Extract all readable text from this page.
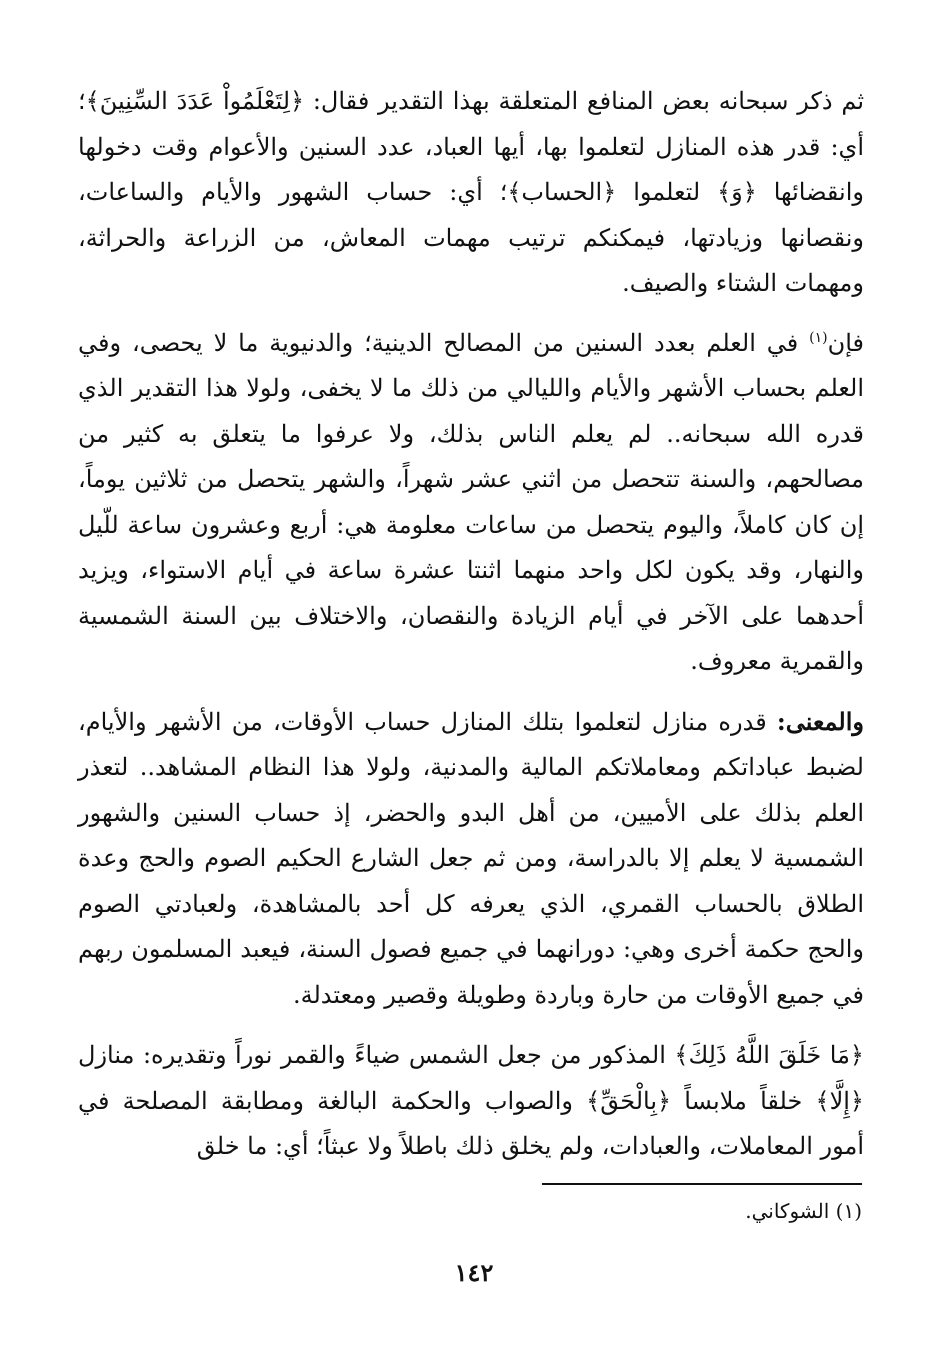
ثم ذكر سبحانه بعض المنافع المتعلقة بهذا التقدير فقال: ﴿لِتَعْلَمُواْ عَدَدَ السِّنِينَ﴾؛ أي: قدر هذه المنازل لتعلموا بها، أيها العباد، عدد السنين والأعوام وقت دخولها وانقضائها ﴿وَ﴾ لتعلموا ﴿الحساب﴾؛ أي: حساب الشهور والأيام والساعات، ونقصانها وزيادتها، فيمكنكم ترتيب مهمات المعاش، من الزراعة والحراثة، ومهمات الشتاء والصيف.

فإن$^{(١)}$ في العلم بعدد السنين من المصالح الدينية؛ والدنيوية ما لا يحصى، وفي العلم بحساب الأشهر والأيام والليالي من ذلك ما لا يخفى، ولولا هذا التقدير الذي قدره الله سبحانه.. لم يعلم الناس بذلك، ولا عرفوا ما يتعلق به كثير من مصالحهم، والسنة تتحصل من اثني عشر شهراً، والشهر يتحصل من ثلاثين يوماً، إن كان كاملاً، واليوم يتحصل من ساعات معلومة هي: أربع وعشرون ساعة للّيل والنهار، وقد يكون لكل واحد منهما اثنتا عشرة ساعة في أيام الاستواء، ويزيد أحدهما على الآخر في أيام الزيادة والنقصان، والاختلاف بين السنة الشمسية والقمرية معروف.

والمعنى: قدره منازل لتعلموا بتلك المنازل حساب الأوقات، من الأشهر والأيام، لضبط عباداتكم ومعاملاتكم المالية والمدنية، ولولا هذا النظام المشاهد.. لتعذر العلم بذلك على الأميين، من أهل البدو والحضر، إذ حساب السنين والشهور الشمسية لا يعلم إلا بالدراسة، ومن ثم جعل الشارع الحكيم الصوم والحج وعدة الطلاق بالحساب القمري، الذي يعرفه كل أحد بالمشاهدة، ولعبادتي الصوم والحج حكمة أخرى وهي: دورانهما في جميع فصول السنة، فيعبد المسلمون ربهم في جميع الأوقات من حارة وباردة وطويلة وقصير ومعتدلة.

﴿مَا خَلَقَ اللَّهُ ذَلِكَ﴾ المذكور من جعل الشمس ضياءً والقمر نوراً وتقديره: منازل ﴿إِلَّا﴾ خلقاً ملابساً ﴿بِالْحَقِّ﴾ والصواب والحكمة البالغة ومطابقة المصلحة في أمور المعاملات، والعبادات، ولم يخلق ذلك باطلاً ولا عبثاً؛ أي: ما خلق

(١) الشوكاني.
١٤٢
